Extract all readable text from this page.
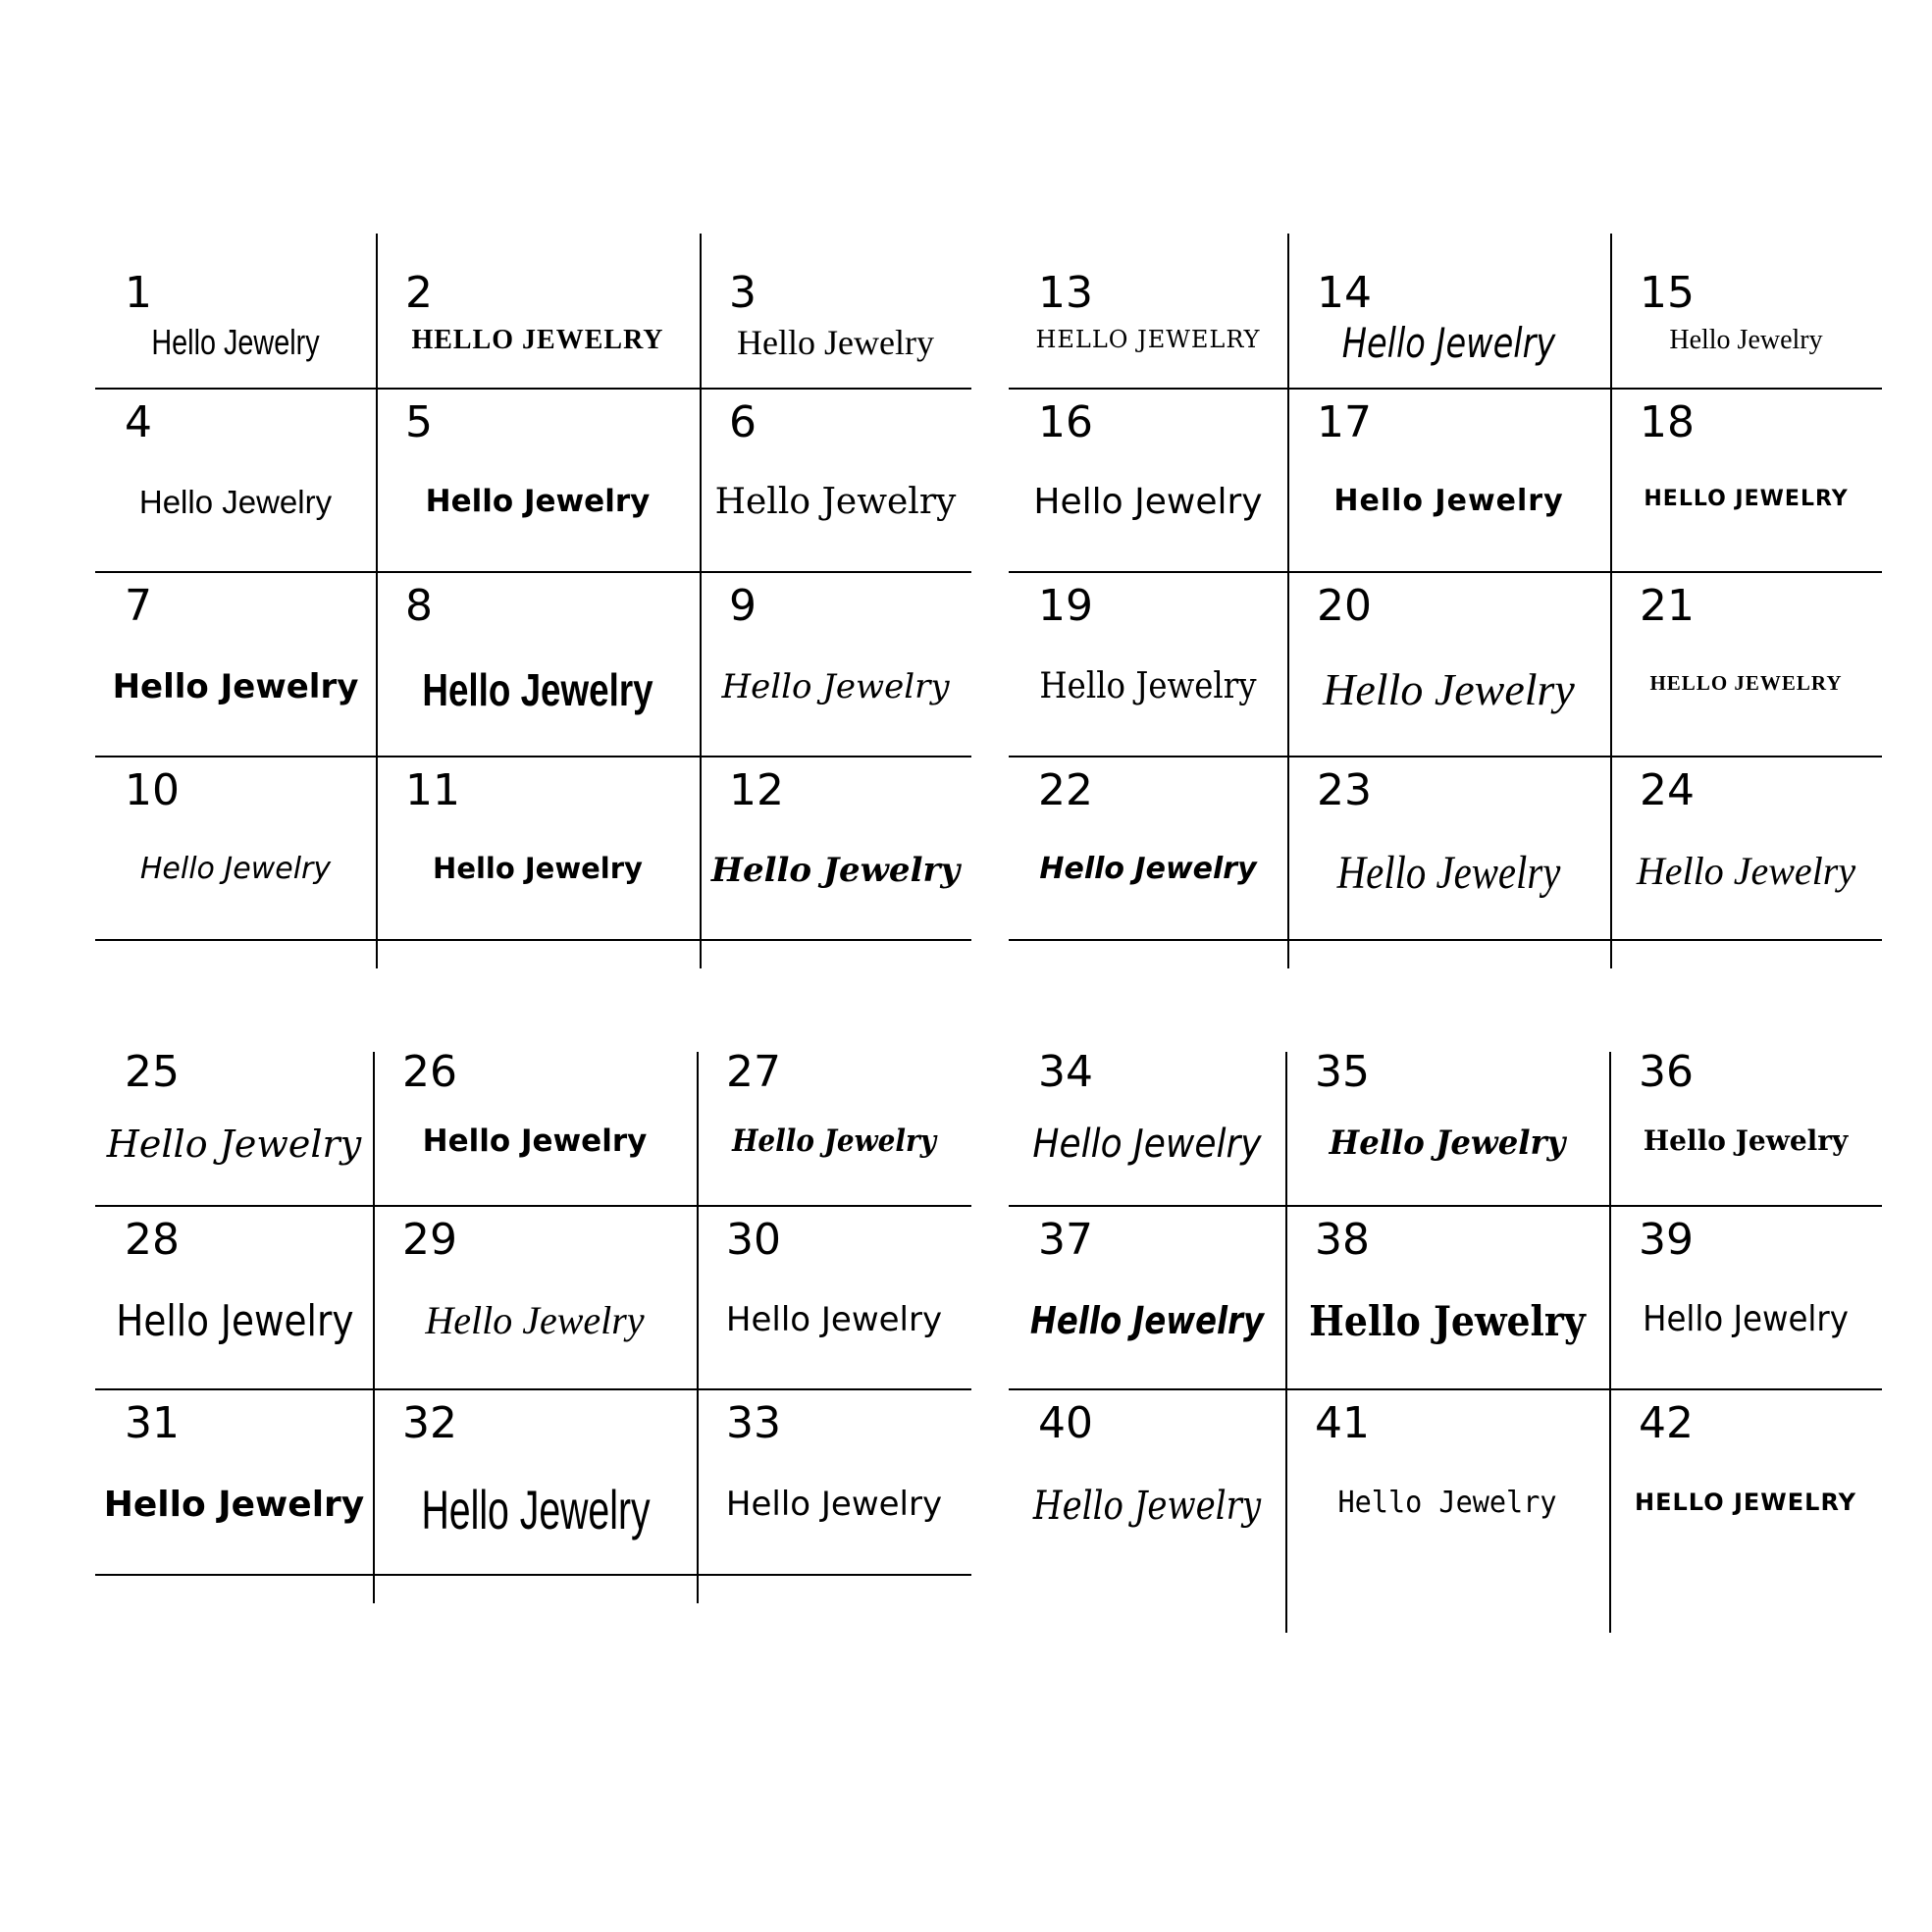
1
Hello Jewelry
2
HELLO JEWELRY
3
Hello Jewelry
4
Hello Jewelry
5
Hello Jewelry
6
Hello Jewelry
7
Hello Jewelry
8
Hello Jewelry
9
Hello Jewelry
10
Hello Jewelry
11
Hello Jewelry
12
Hello Jewelry
13
HELLO JEWELRY
14
Hello Jewelry
15
Hello Jewelry
16
Hello Jewelry
17
Hello Jewelry
18
HELLO JEWELRY
19
Hello Jewelry
20
Hello Jewelry
21
HELLO JEWELRY
22
Hello Jewelry
23
Hello Jewelry
24
Hello Jewelry
25
Hello Jewelry
26
Hello Jewelry
27
Hello Jewelry
28
Hello Jewelry
29
Hello Jewelry
30
Hello Jewelry
31
Hello Jewelry
32
Hello Jewelry
33
Hello Jewelry
34
Hello Jewelry
35
Hello Jewelry
36
Hello Jewelry
37
Hello Jewelry
38
Hello Jewelry
39
Hello Jewelry
40
Hello Jewelry
41
Hello Jewelry
42
HELLO JEWELRY
